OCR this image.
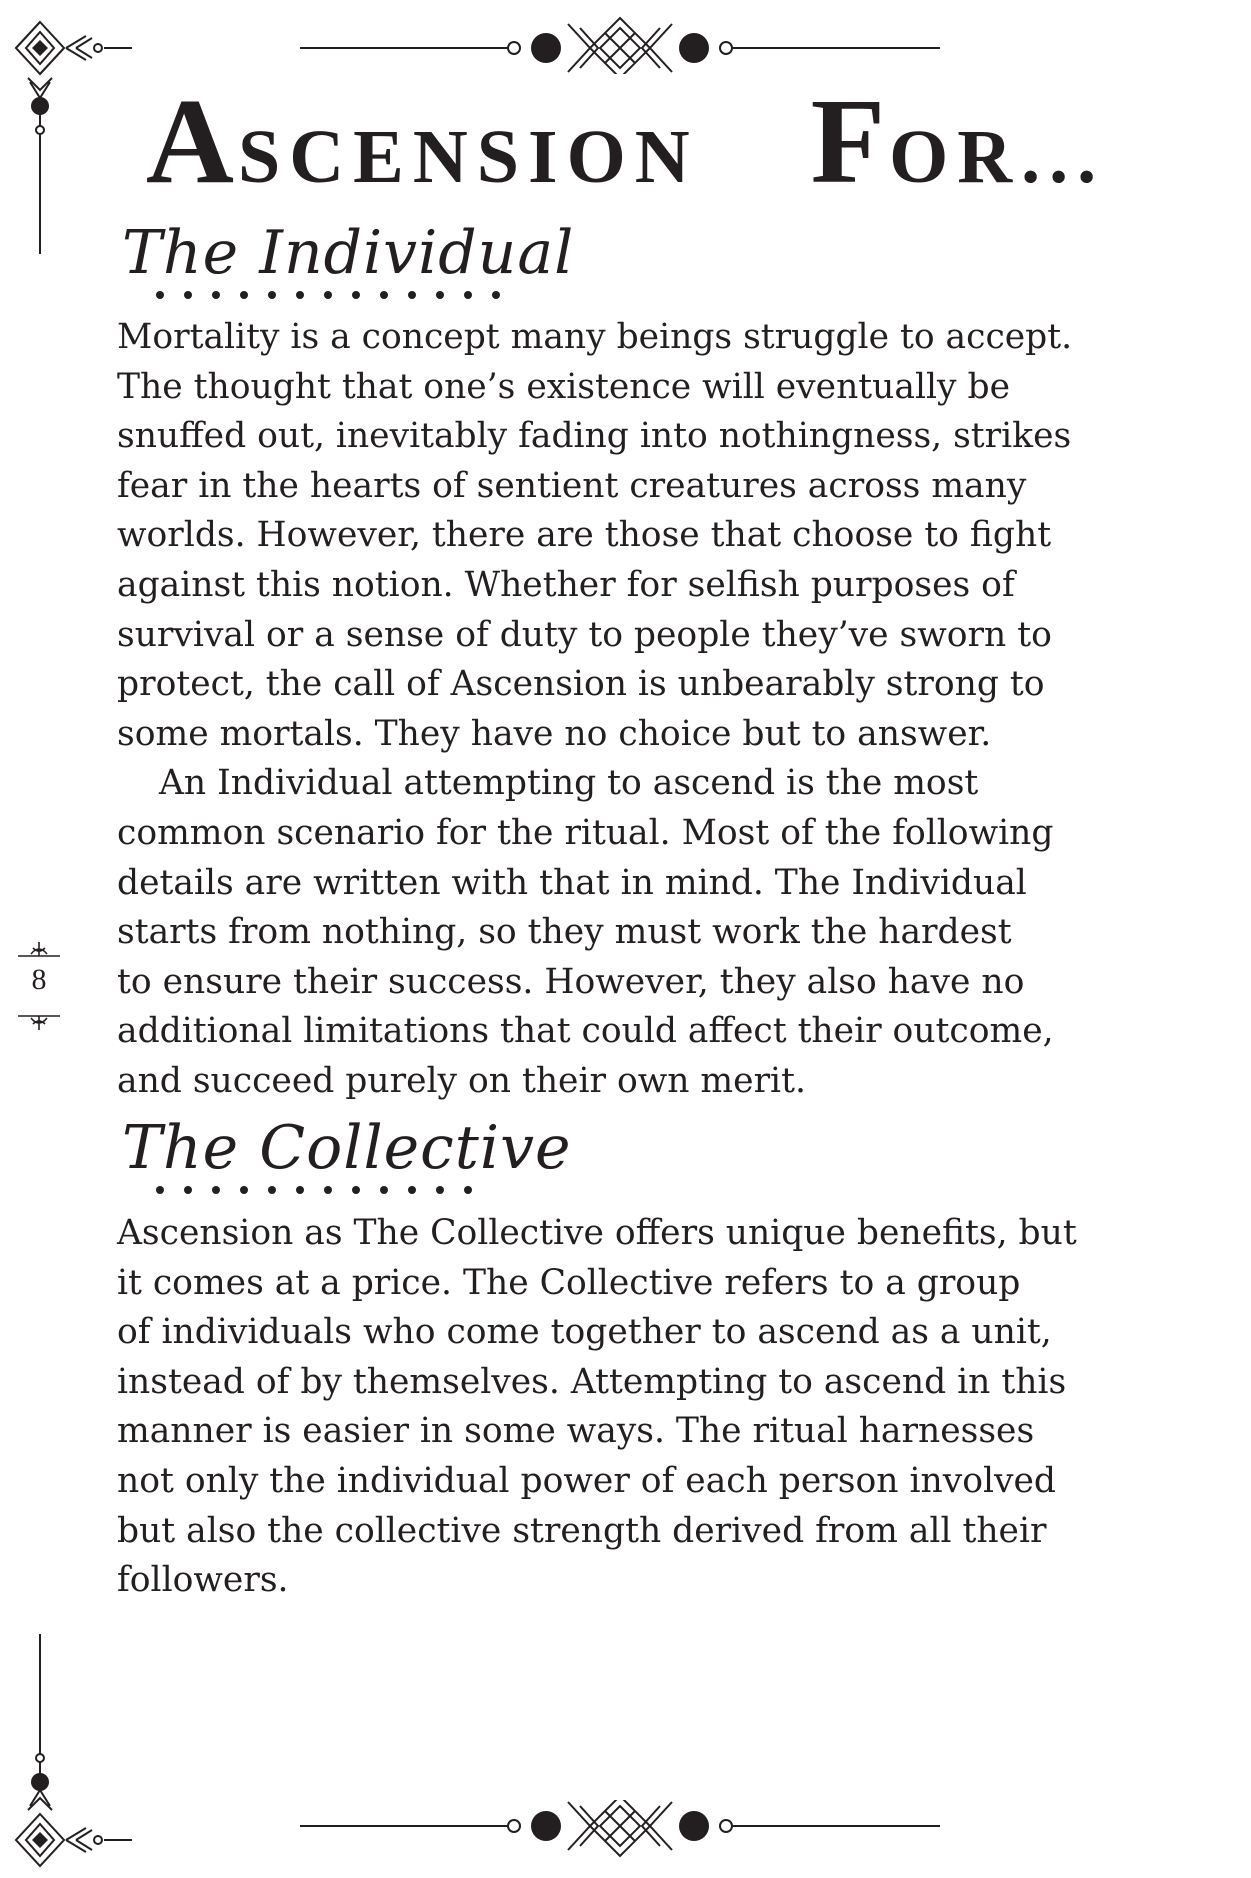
8
ASCENSION FOR...
The Individual

Mortality is a concept many beings struggle to accept.

The thought that one’s existence will eventually be

snuffed out, inevitably fading into nothingness, strikes

fear in the hearts of sentient creatures across many

worlds. However, there are those that choose to fight

against this notion. Whether for selfish purposes of

survival or a sense of duty to people they’ve sworn to

protect, the call of Ascension is unbearably strong to

some mortals. They have no choice but to answer.

An Individual attempting to ascend is the most

common scenario for the ritual. Most of the following

details are written with that in mind. The Individual

starts from nothing, so they must work the hardest

to ensure their success. However, they also have no

additional limitations that could affect their outcome,

and succeed purely on their own merit.

The Collective

Ascension as The Collective offers unique benefits, but

it comes at a price. The Collective refers to a group

of individuals who come together to ascend as a unit,

instead of by themselves. Attempting to ascend in this

manner is easier in some ways. The ritual harnesses

not only the individual power of each person involved

but also the collective strength derived from all their

followers.
